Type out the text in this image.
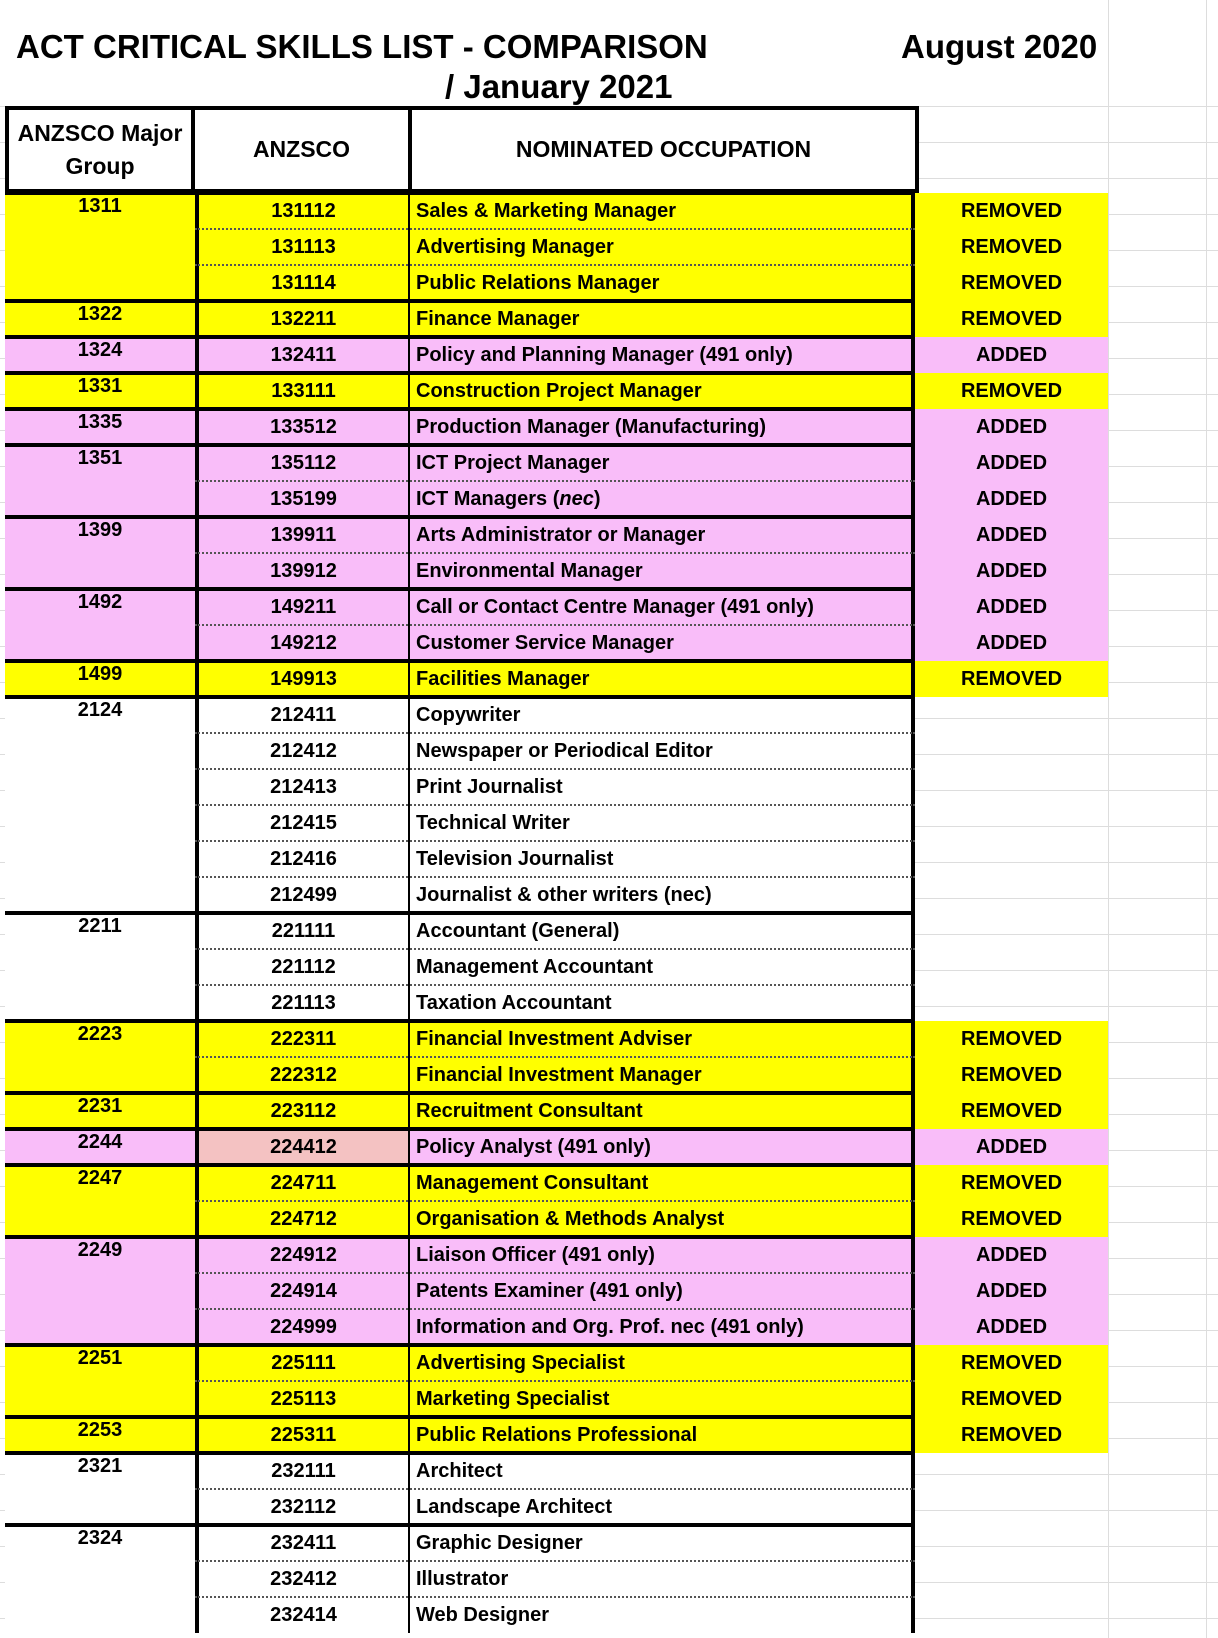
ACT CRITICAL SKILLS LIST - COMPARISON
/ January 2021
August 2020
ANZSCO Major Group
ANZSCO	NOMINATED OCCUPATION
1311	131112	Sales & Marketing Manager	REMOVED
131113	Advertising Manager	REMOVED
131114	Public Relations Manager	REMOVED
1322	132211	Finance Manager	REMOVED
1324	132411	Policy and Planning Manager (491 only)	ADDED
1331	133111	Construction Project Manager	REMOVED
1335	133512	Production Manager (Manufacturing)	ADDED
1351	135112	ICT Project Manager	ADDED
135199	ICT Managers (nec)	ADDED
1399	139911	Arts Administrator or Manager	ADDED
139912	Environmental Manager	ADDED
1492	149211	Call or Contact Centre Manager (491 only)	ADDED
149212	Customer Service Manager	ADDED
1499	149913	Facilities Manager	REMOVED
2124	212411	Copywriter
212412	Newspaper or Periodical Editor
212413	Print Journalist
212415	Technical Writer
212416	Television Journalist
212499	Journalist & other writers (nec)
2211	221111	Accountant (General)
221112	Management Accountant
221113	Taxation Accountant
2223	222311	Financial Investment Adviser	REMOVED
222312	Financial Investment Manager	REMOVED
2231	223112	Recruitment Consultant	REMOVED
2244	224412	Policy Analyst (491 only)	ADDED
2247	224711	Management Consultant	REMOVED
224712	Organisation & Methods Analyst	REMOVED
2249	224912	Liaison Officer (491 only)	ADDED
224914	Patents Examiner (491 only)	ADDED
224999	Information and Org. Prof. nec (491 only)	ADDED
2251	225111	Advertising Specialist	REMOVED
225113	Marketing Specialist	REMOVED
2253	225311	Public Relations Professional	REMOVED
2321	232111	Architect
232112	Landscape Architect
2324	232411	Graphic Designer
232412	Illustrator
232414	Web Designer
